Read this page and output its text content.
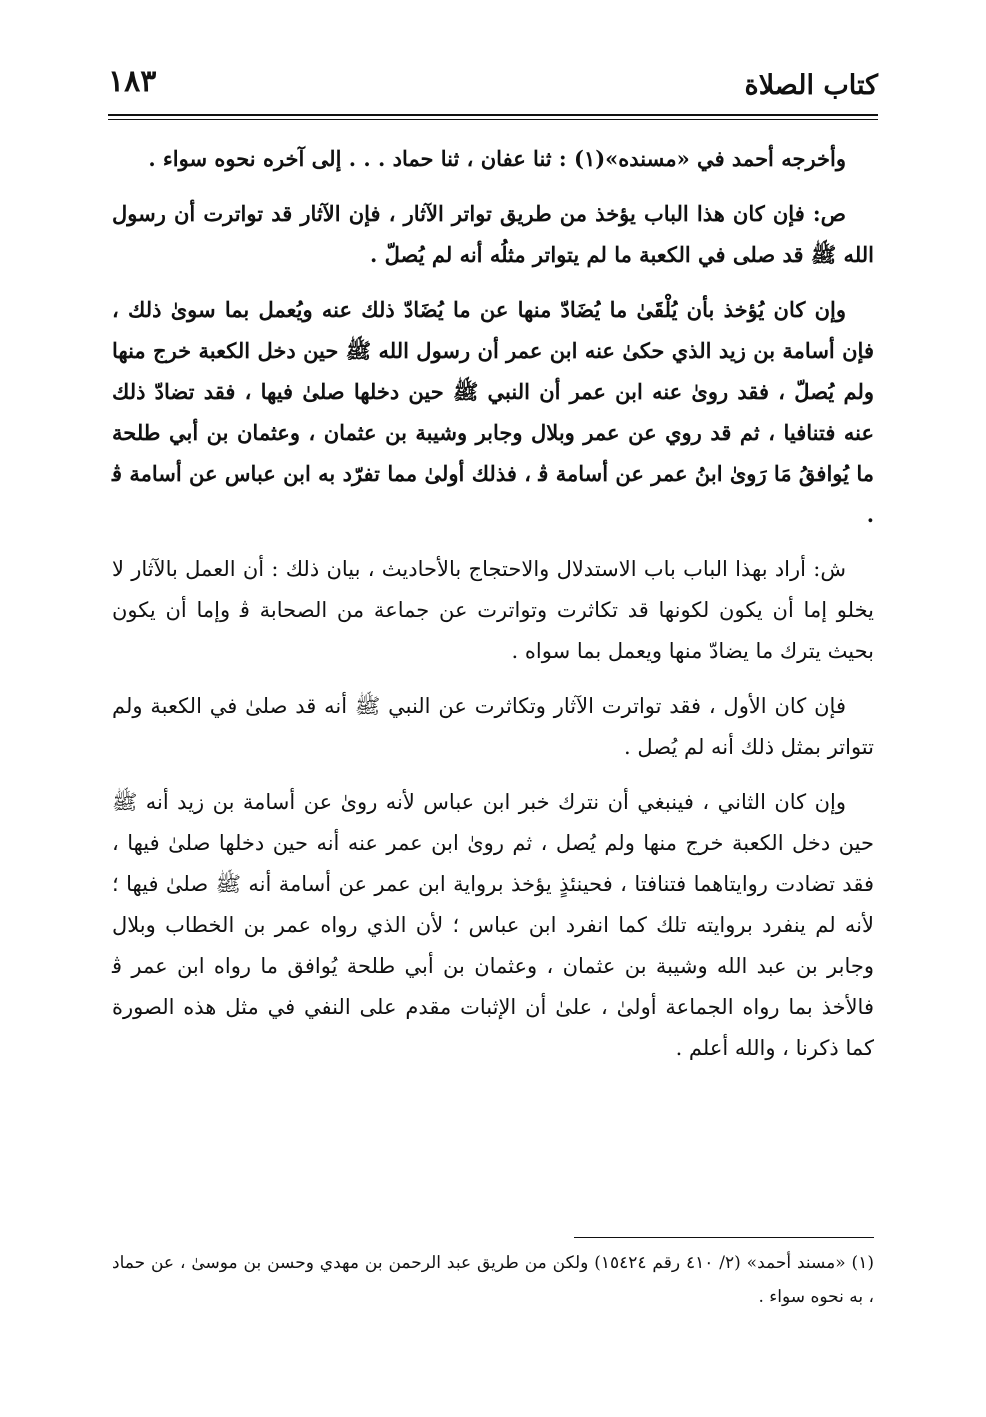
كتاب الصلاة
١٨٣

وأخرجه أحمد في «مسنده»(١) : ثنا عفان ، ثنا حماد . . . إلى آخره نحوه سواء .

ص: فإن كان هذا الباب يؤخذ من طريق تواتر الآثار ، فإن الآثار قد تواترت أن رسول الله ﷺ قد صلى في الكعبة ما لم يتواتر مثلُه أنه لم يُصلّ .

وإن كان يُؤخذ بأن يُلْقَىٰ ما يُضَادّ منها عن ما يُضَادّ ذلك عنه ويُعمل بما سوىٰ ذلك ، فإن أسامة بن زيد الذي حكىٰ عنه ابن عمر أن رسول الله ﷺ حين دخل الكعبة خرج منها ولم يُصلّ ، فقد روىٰ عنه ابن عمر أن النبي ﷺ حين دخلها صلىٰ فيها ، فقد تضادّ ذلك عنه فتنافيا ، ثم قد روي عن عمر وبلال وجابر وشيبة بن عثمان ، وعثمان بن أبي طلحة ما يُوافقُ مَا رَوىٰ ابنُ عمر عن أسامة ﭬ ، فذلك أولىٰ مما تفرّد به ابن عباس عن أسامة ﭬ .

ش: أراد بهذا الباب باب الاستدلال والاحتجاج بالأحاديث ، بيان ذلك : أن العمل بالآثار لا يخلو إما أن يكون لكونها قد تكاثرت وتواترت عن جماعة من الصحابة ﭬ وإما أن يكون بحيث يترك ما يضادّ منها ويعمل بما سواه .

فإن كان الأول ، فقد تواترت الآثار وتكاثرت عن النبي ﷺ أنه قد صلىٰ في الكعبة ولم تتواتر بمثل ذلك أنه لم يُصل .

وإن كان الثاني ، فينبغي أن نترك خبر ابن عباس لأنه روىٰ عن أسامة بن زيد أنه ﷺ حين دخل الكعبة خرج منها ولم يُصل ، ثم روىٰ ابن عمر عنه أنه حين دخلها صلىٰ فيها ، فقد تضادت روايتاهما فتنافتا ، فحينئذٍ يؤخذ برواية ابن عمر عن أسامة أنه ﷺ صلىٰ فيها ؛ لأنه لم ينفرد بروايته تلك كما انفرد ابن عباس ؛ لأن الذي رواه عمر بن الخطاب وبلال وجابر بن عبد الله وشيبة بن عثمان ، وعثمان بن أبي طلحة يُوافق ما رواه ابن عمر ﭬ فالأخذ بما رواه الجماعة أولىٰ ، علىٰ أن الإثبات مقدم على النفي في مثل هذه الصورة كما ذكرنا ، والله أعلم .

(١) «مسند أحمد» (٢/ ٤١٠ رقم ١٥٤٢٤) ولكن من طريق عبد الرحمن بن مهدي وحسن بن موسىٰ ، عن حماد ، به نحوه سواء .
